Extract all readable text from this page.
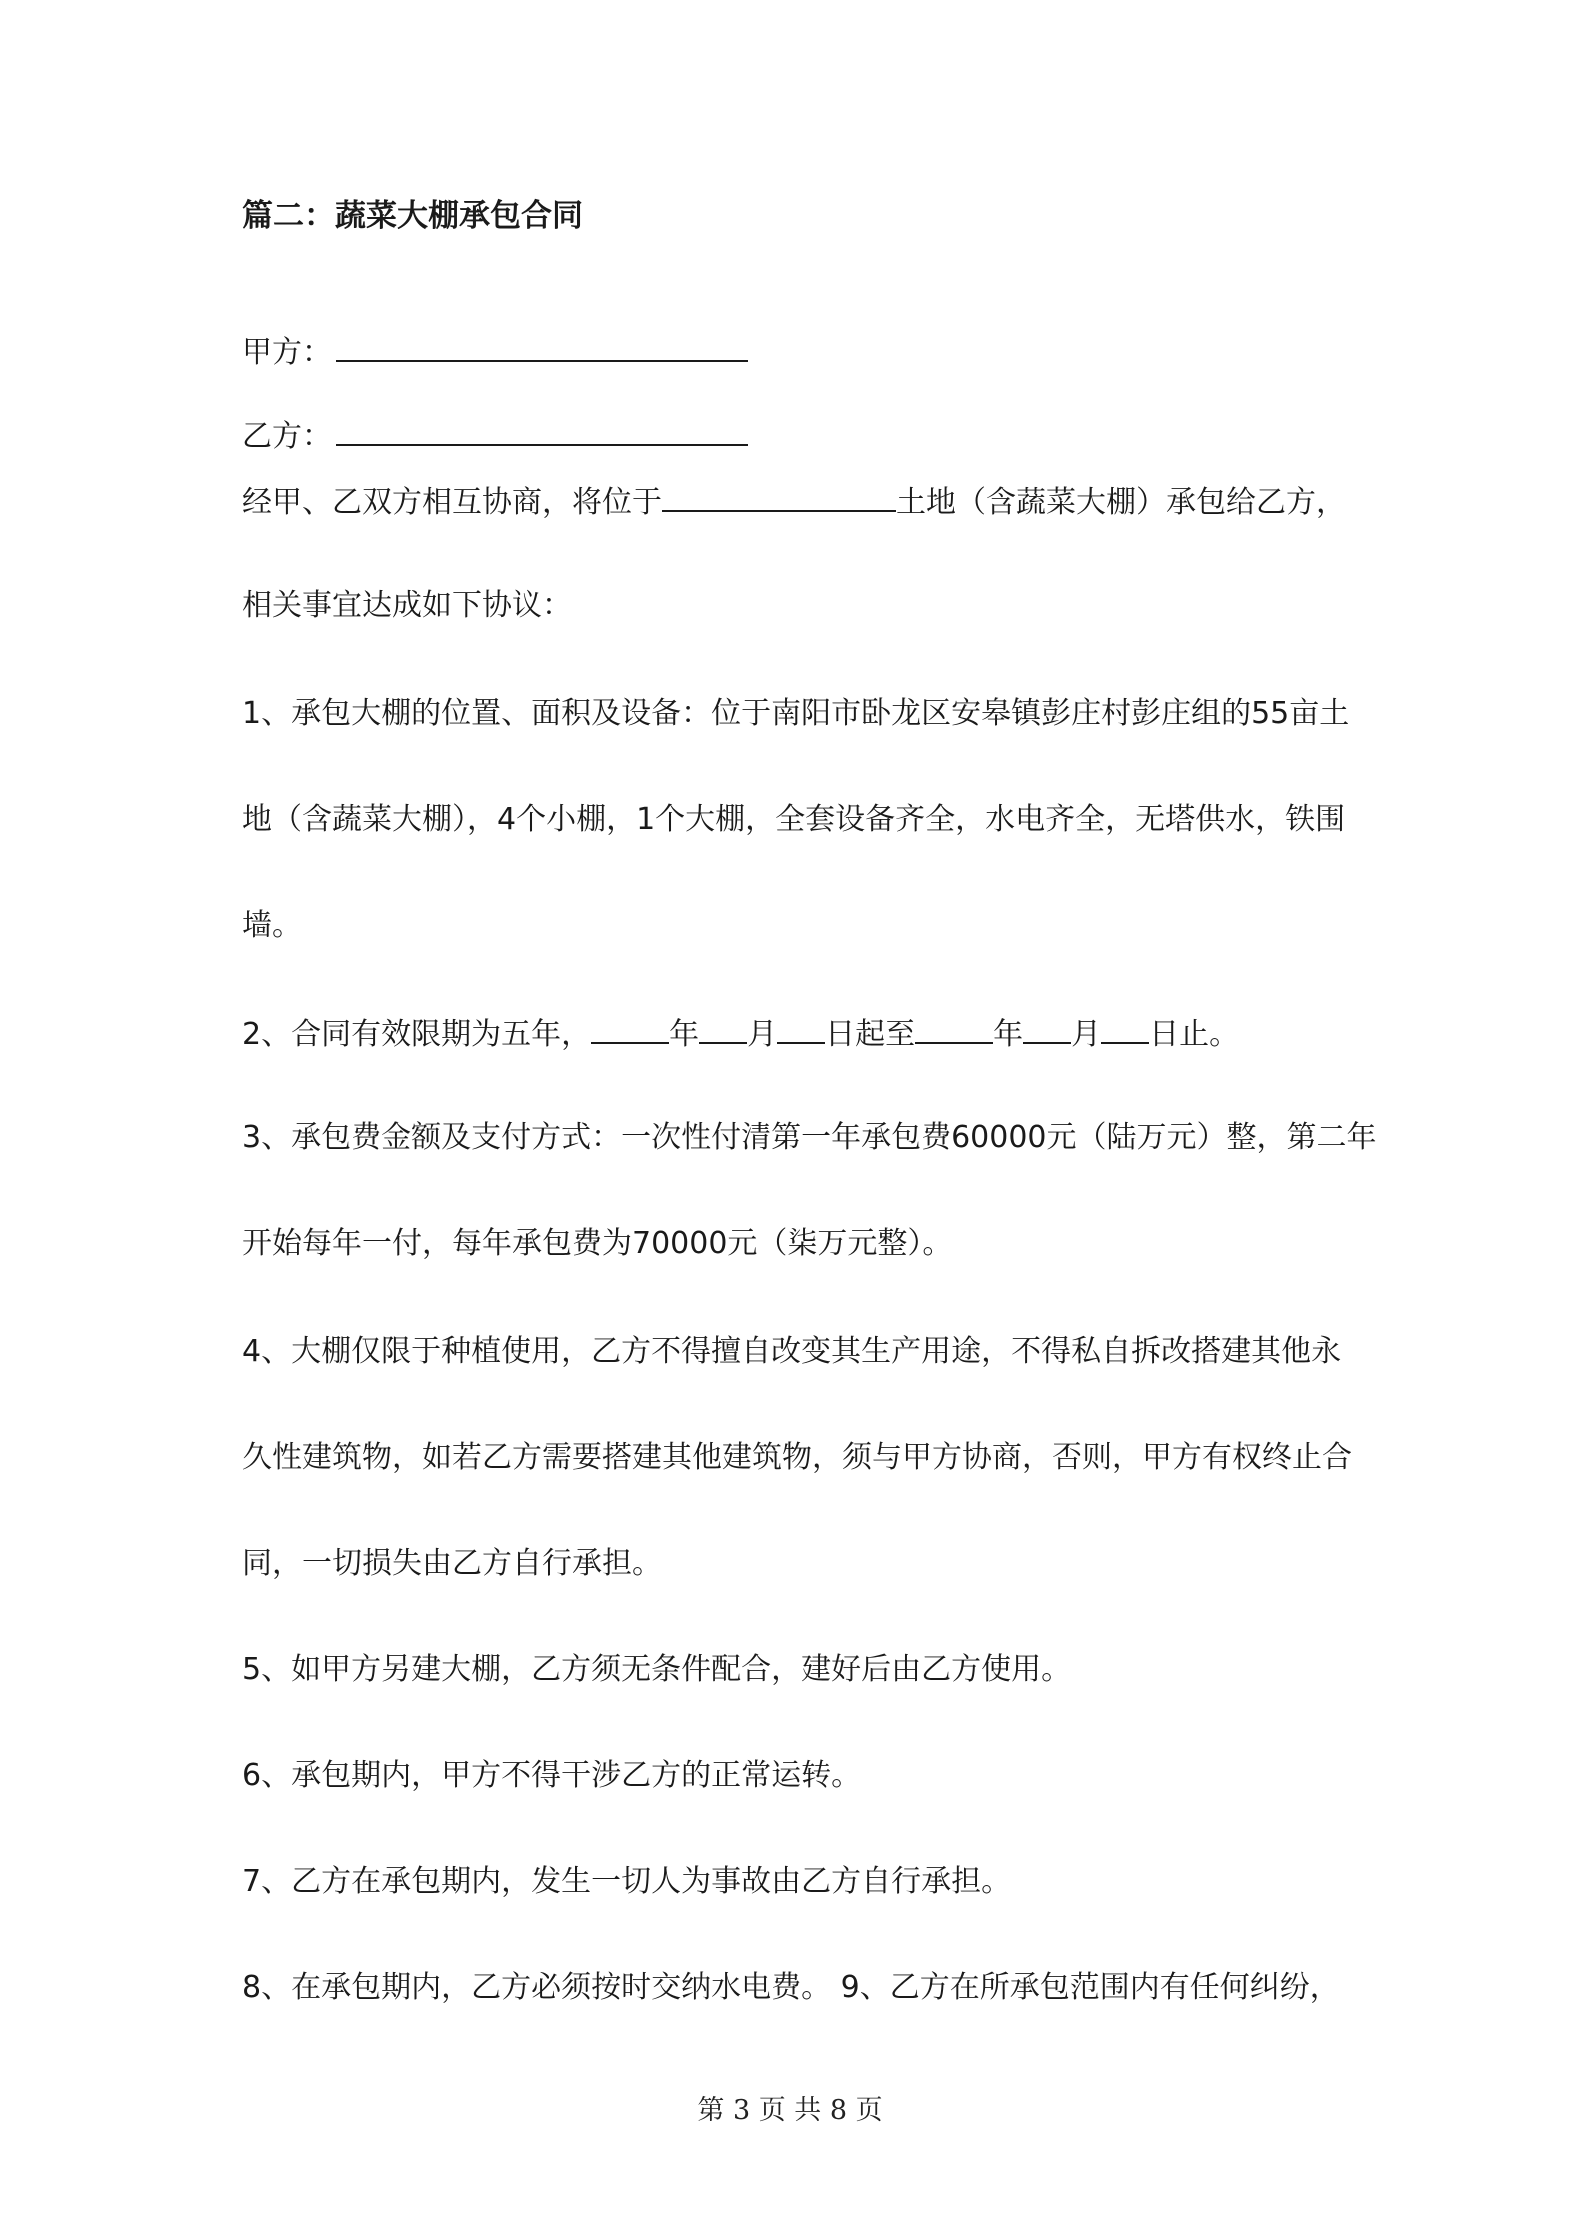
篇二：蔬菜大棚承包合同
甲方：
乙方：
经甲、乙双方相互协商，将位于	土地（含蔬菜大棚）承包给乙方，
相关事宜达成如下协议：
1、承包大棚的位置、面积及设备：位于南阳市卧龙区安皋镇彭庄村彭庄组的55亩土
地（含蔬菜大棚），4个小棚，1个大棚，全套设备齐全，水电齐全，无塔供水，铁围
墙。
2、合同有效限期为五年，	年 月 日起至	年 月 日止。
3、承包费金额及支付方式：一次性付清第一年承包费60000元（陆万元）整，第二年
开始每年一付，每年承包费为70000元（柒万元整）。
4、大棚仅限于种植使用，乙方不得擅自改变其生产用途，不得私自拆改搭建其他永
久性建筑物，如若乙方需要搭建其他建筑物，须与甲方协商，否则，甲方有权终止合
同，一切损失由乙方自行承担。
5、如甲方另建大棚，乙方须无条件配合，建好后由乙方使用。
6、承包期内，甲方不得干涉乙方的正常运转。
7、乙方在承包期内，发生一切人为事故由乙方自行承担。
8、在承包期内，乙方必须按时交纳水电费。 9、乙方在所承包范围内有任何纠纷，
第 3 页 共 8 页
